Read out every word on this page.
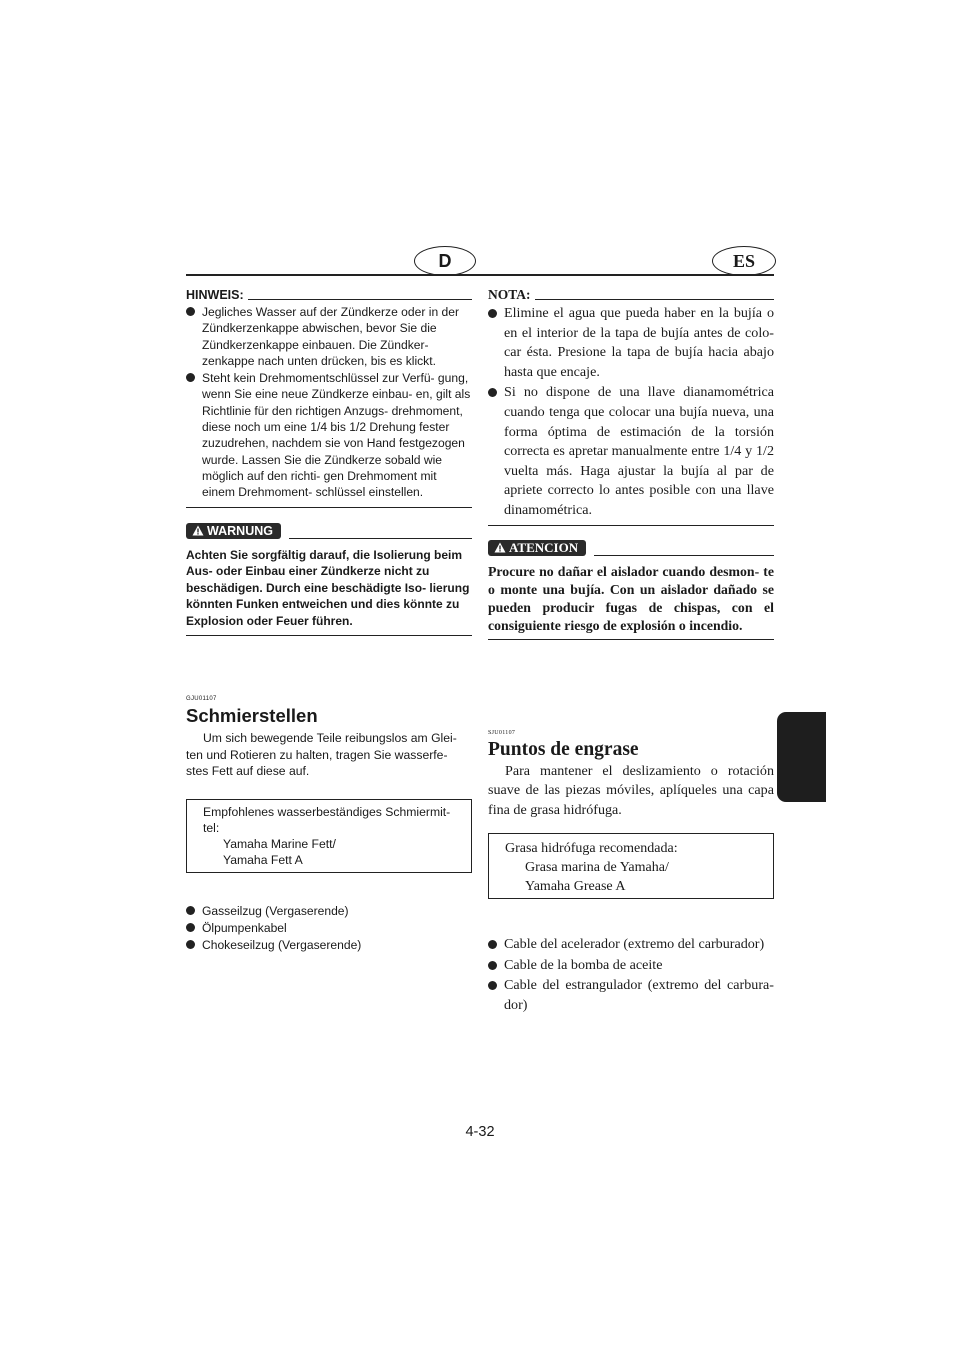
D	ES
HINWEIS:
Jegliches Wasser auf der Zündkerze oder in der Zündkerzenkappe abwischen, bevor Sie die Zündkerzenkappe einbauen. Die Zündker- zenkappe nach unten drücken, bis es klickt.
Steht kein Drehmomentschlüssel zur Verfü- gung, wenn Sie eine neue Zündkerze einbau- en, gilt als Richtlinie für den richtigen Anzugs- drehmoment, diese noch um eine 1/4 bis 1/2 Drehung fester zuzudrehen, nachdem sie von Hand festgezogen wurde. Lassen Sie die Zündkerze sobald wie möglich auf den richti- gen Drehmoment mit einem Drehmoment- schlüssel einstellen.
WARNUNG

Achten Sie sorgfältig darauf, die Isolierung beim Aus- oder Einbau einer Zündkerze nicht zu beschädigen. Durch eine beschädigte Iso- lierung könnten Funken entweichen und dies könnte zu Explosion oder Feuer führen.

GJU01107
Schmierstellen

Um sich bewegende Teile reibungslos am Glei- ten und Rotieren zu halten, tragen Sie wasserfe- stes Fett auf diese auf.

Empfohlenes wasserbeständiges Schmiermit- tel:
Yamaha Marine Fett/
Yamaha Fett A
Gasseilzug (Vergaserende)
Ölpumpenkabel
Chokeseilzug (Vergaserende)
NOTA:
Elimine el agua que pueda haber en la bujía o en el interior de la tapa de bujía antes de colo- car ésta. Presione la tapa de bujía hacia abajo hasta que encaje.
Si no dispone de una llave dianamométrica cuando tenga que colocar una bujía nueva, una forma óptima de estimación de la torsión correcta es apretar manualmente entre 1/4 y 1/2 vuelta más. Haga ajustar la bujía al par de apriete correcto lo antes posible con una llave dinamométrica.
ATENCION

Procure no dañar el aislador cuando desmon- te o monte una bujía. Con un aislador dañado se pueden producir fugas de chispas, con el consiguiente riesgo de explosión o incendio.

SJU01107
Puntos de engrase

Para mantener el deslizamiento o rotación suave de las piezas móviles, aplíqueles una capa fina de grasa hidrófuga.

Grasa hidrófuga recomendada:
Grasa marina de Yamaha/
Yamaha Grease A
Cable del acelerador (extremo del carburador)
Cable de la bomba de aceite
Cable del estrangulador (extremo del carbura- dor)
4-32
